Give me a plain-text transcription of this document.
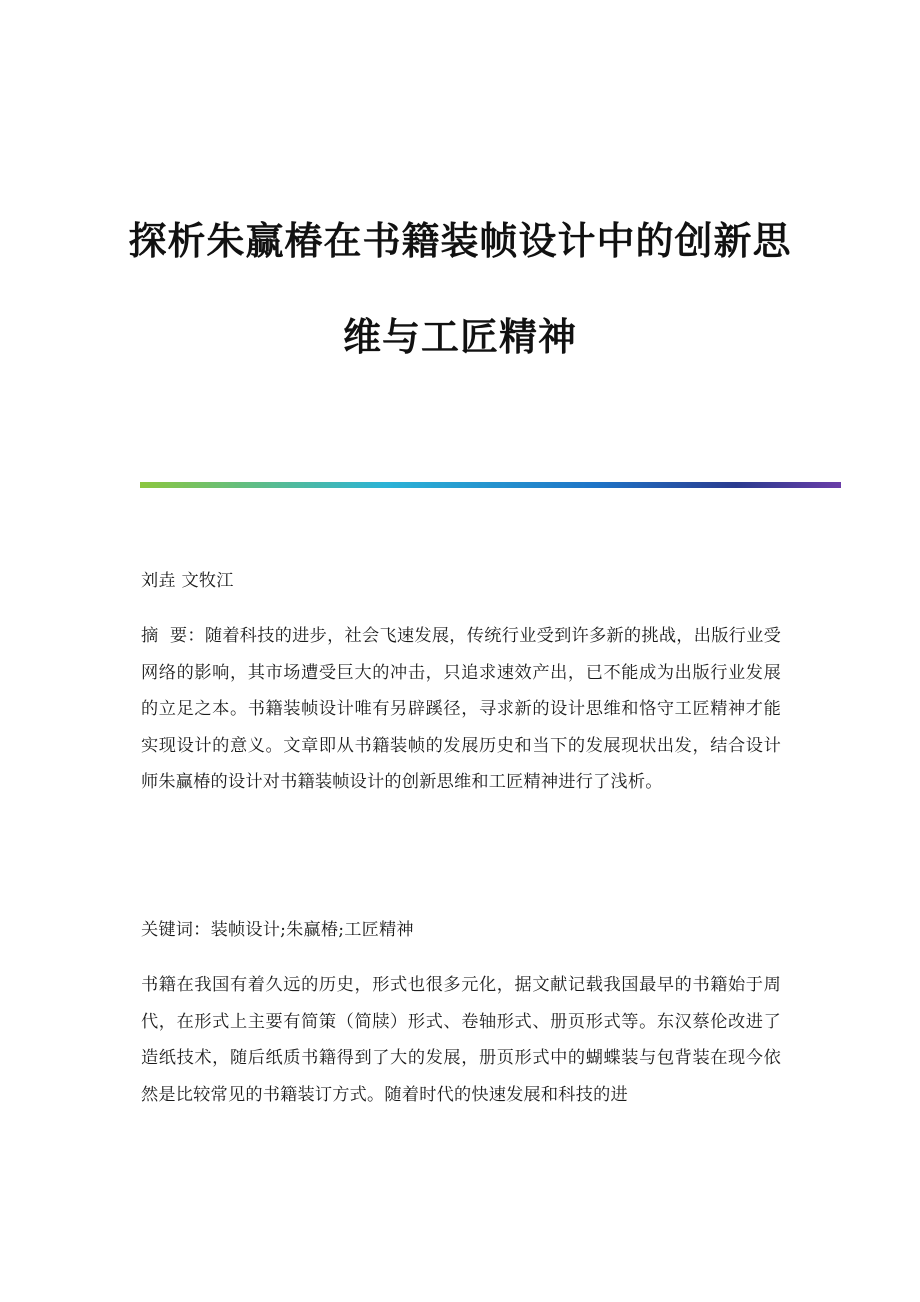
探析朱赢椿在书籍装帧设计中的创新思
维与工匠精神
刘垚 文牧江
摘  要：随着科技的进步，社会飞速发展，传统行业受到许多新的挑战，出版行业受网络的影响，其市场遭受巨大的冲击，只追求速效产出，已不能成为出版行业发展的立足之本。书籍装帧设计唯有另辟蹊径，寻求新的设计思维和恪守工匠精神才能实现设计的意义。文章即从书籍装帧的发展历史和当下的发展现状出发，结合设计师朱赢椿的设计对书籍装帧设计的创新思维和工匠精神进行了浅析。
关键词：装帧设计;朱赢椿;工匠精神
书籍在我国有着久远的历史，形式也很多元化，据文献记载我国最早的书籍始于周代，在形式上主要有简策（简牍）形式、卷轴形式、册页形式等。东汉蔡伦改进了造纸技术，随后纸质书籍得到了大的发展，册页形式中的蝴蝶装与包背装在现今依然是比较常见的书籍装订方式。随着时代的快速发展和科技的进
